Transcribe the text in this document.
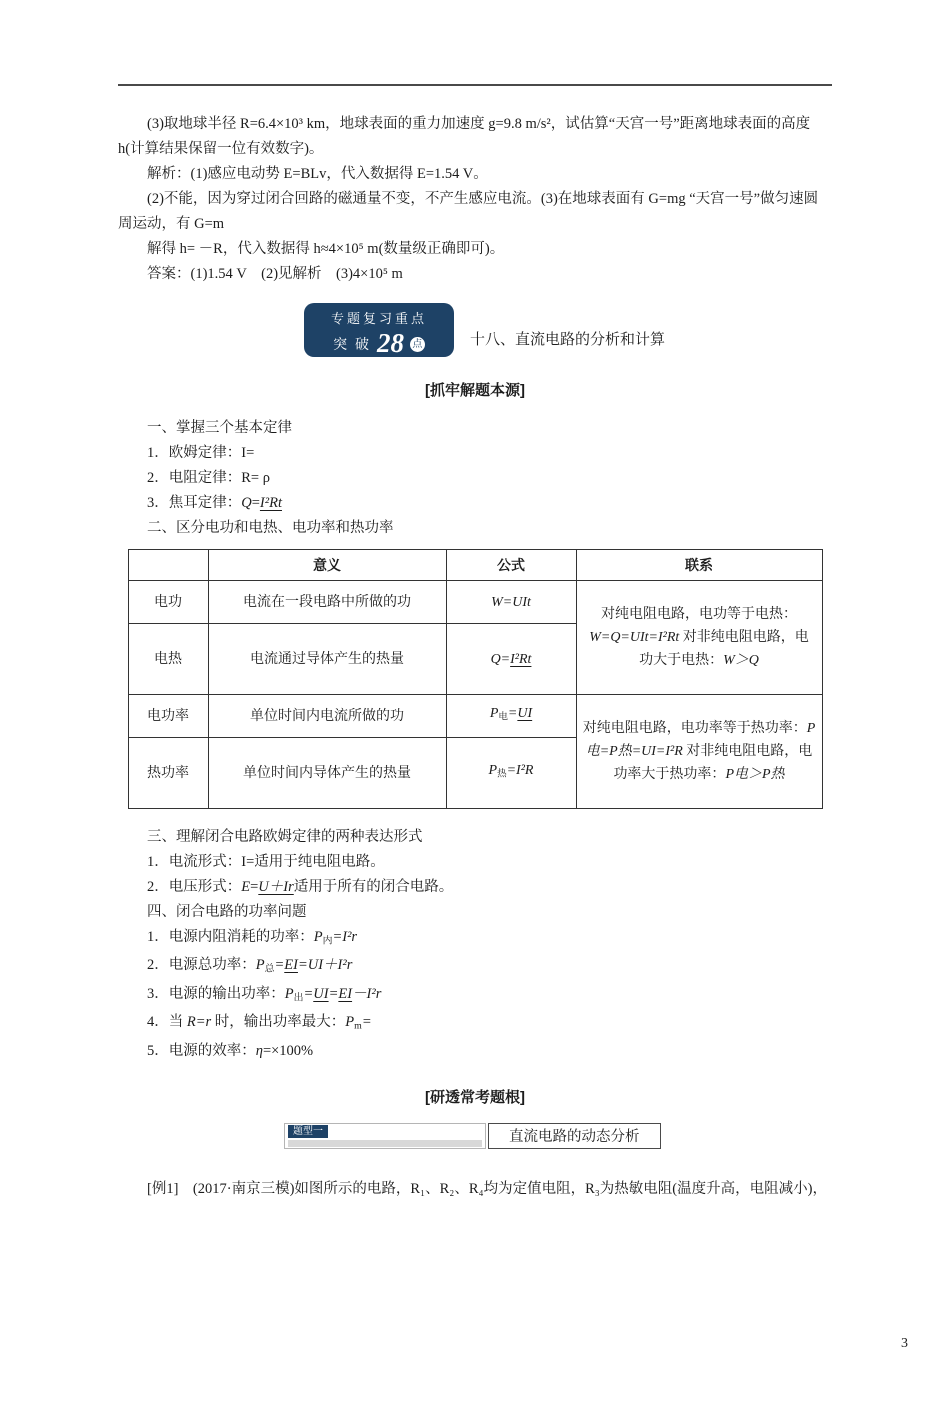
(3)取地球半径 R=6.4×10³ km，地球表面的重力加速度 g=9.8 m/s²，试估算“天宫一号”距离地球表面的高度 h(计算结果保留一位有效数字)。

解析：(1)感应电动势 E=BLv，代入数据得 E=1.54 V。

(2)不能，因为穿过闭合回路的磁通量不变，不产生感应电流。(3)在地球表面有 G=mg “天宫一号”做匀速圆周运动，有 G=m

解得 h= －R，代入数据得 h≈4×10⁵ m(数量级正确即可)。

答案：(1)1.54 V　(2)见解析　(3)4×10⁵ m

专题复习重点
突 破 28 点	十八、直流电路的分析和计算
[抓牢解题本源]

一、掌握三个基本定律

1．欧姆定律：I=

2．电阻定律：R= ρ

3．焦耳定律：Q=I²Rt

二、区分电功和电热、电功率和热功率

	意义	公式	联系
电功	电流在一段电路中所做的功	W=UIt	对纯电阻电路，电功等于电热：W=Q=UIt=I²Rt 对非纯电阻电路，电功大于电热：W＞Q
电热	电流通过导体产生的热量	Q=I²Rt	
电功率	单位时间内电流所做的功	$P_电=UI$	对纯电阻电路，电功率等于热功率：P电=P热=UI=I²R 对非纯电阻电路，电功率大于热功率：P电＞P热
热功率	单位时间内导体产生的热量	$P_热=I^2R$	

三、理解闭合电路欧姆定律的两种表达形式

1．电流形式：I=适用于纯电阻电路。

2．电压形式：E=U＋Ir适用于所有的闭合电路。

四、闭合电路的功率问题

1．电源内阻消耗的功率：$P_内=I^2r$

2．电源总功率：$P_总=EI=UI+I^2r$

3．电源的输出功率：$P_出=UI=EI-I^2r$

4．当 R=r 时，输出功率最大：$P_m=$

5．电源的效率：η=×100%

[研透常考题根]
题型一	直流电路的动态分析

[例1]　(2017·南京三模)如图所示的电路，R₁、R₂、R₄均为定值电阻，R₃为热敏电阻(温度升高，电阻减小)，

3
